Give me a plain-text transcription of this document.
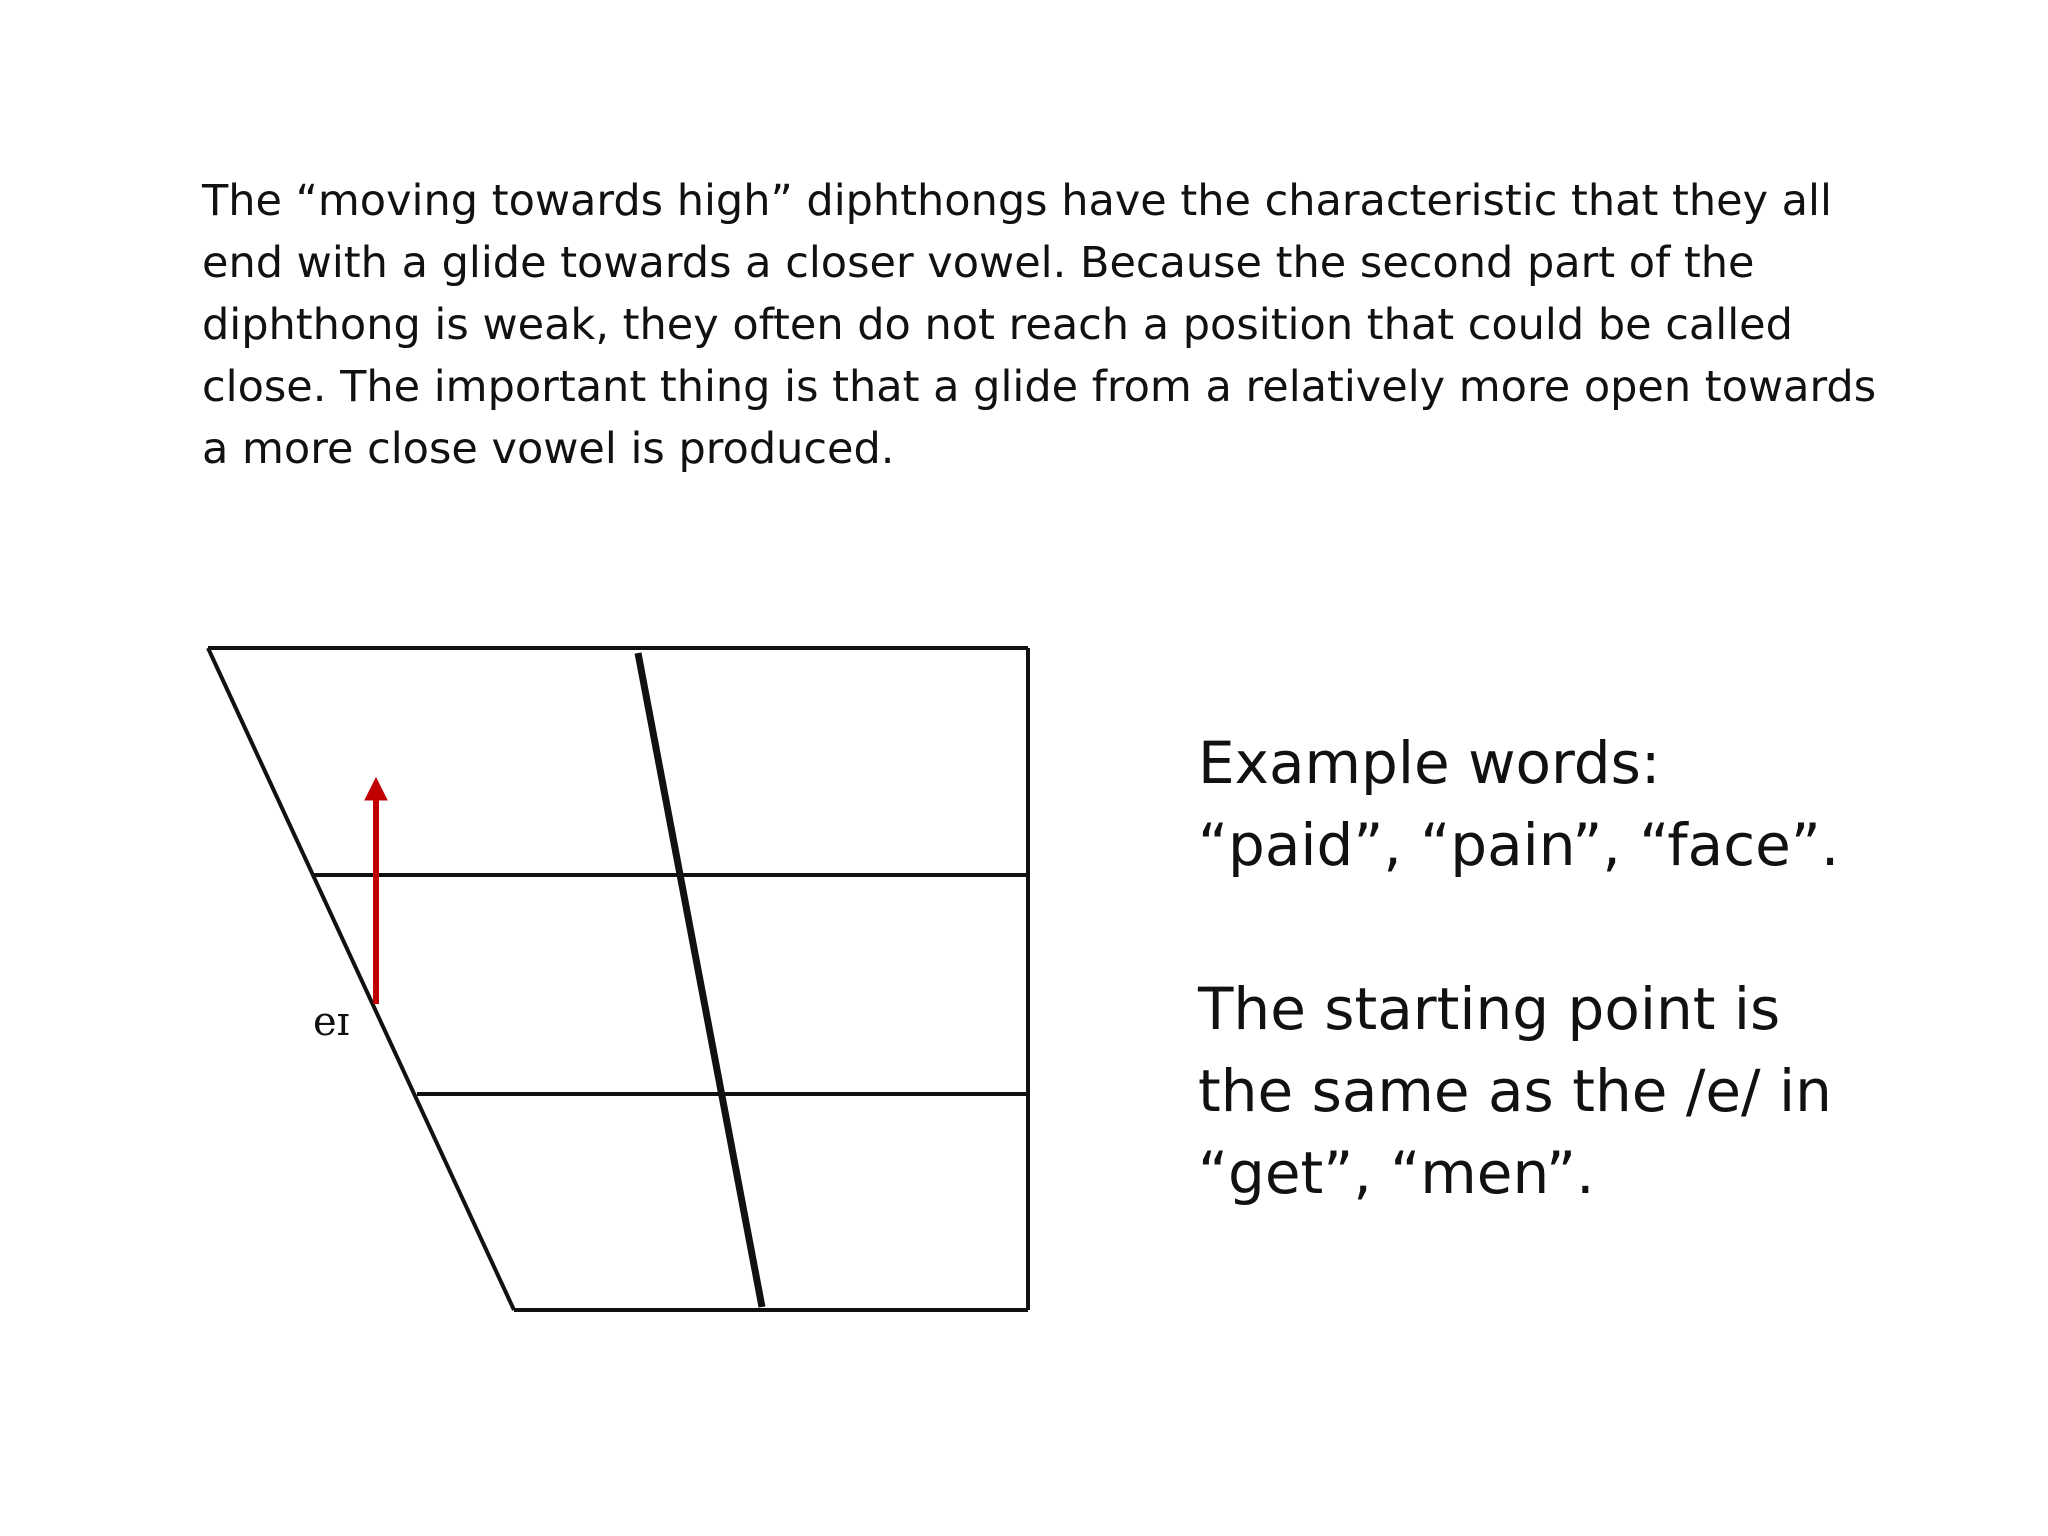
The “moving towards high” diphthongs have the characteristic that they all end with a glide towards a closer vowel. Because the second part of the diphthong is weak, they often do not reach a position that could be called close. The important thing is that a glide from a relatively more open towards a more close vowel is produced.

eɪ

Example words:

“paid”, “pain”, “face”.

The starting point is

the same as the /e/ in

“get”, “men”.
